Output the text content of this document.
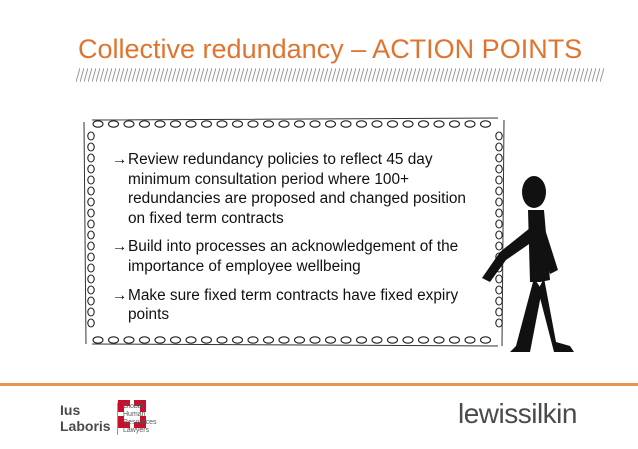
Collective redundancy – ACTION POINTS
→ Review redundancy policies to reflect 45 day minimum consultation period where 100+ redundancies are proposed and changed position on fixed term contracts
→ Build into processes an acknowledgement of the importance of employee wellbeing
→ Make sure fixed term contracts have fixed expiry points
Ius
Laboris
Global
Human
Resources
Lawyers
lewissilkin
